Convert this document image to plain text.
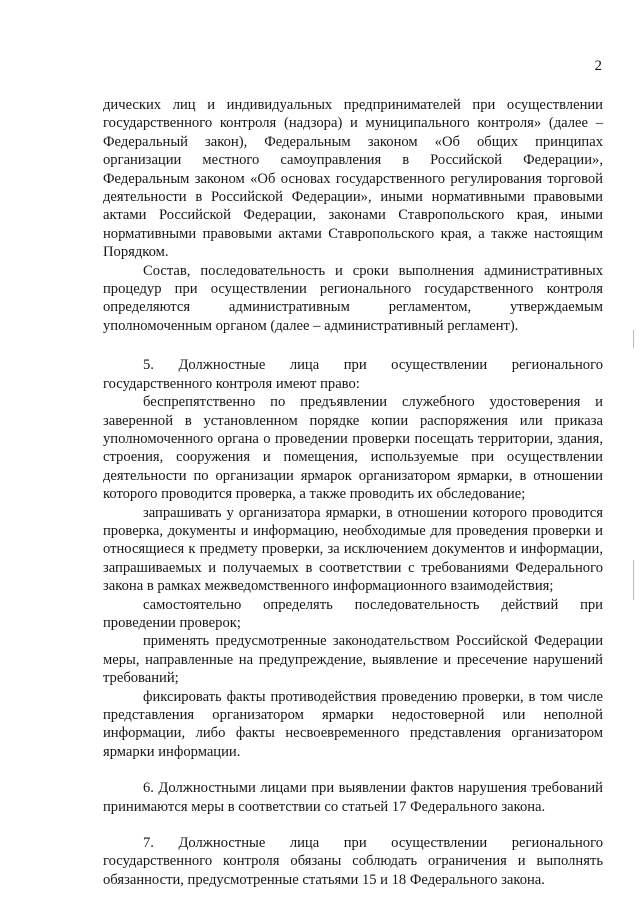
2

дических лиц и индивидуальных предпринимателей при осуществлении государственного контроля (надзора) и муниципального контроля» (далее – Федеральный закон), Федеральным законом «Об общих принципах организации местного самоуправления в Российской Федерации», Федеральным законом «Об основах государственного регулирования торговой деятельности в Российской Федерации», иными нормативными правовыми актами Российской Федерации, законами Ставропольского края, иными нормативными правовыми актами Ставропольского края, а также настоящим Порядком.

Состав, последовательность и сроки выполнения административных процедур при осуществлении регионального государственного контроля определяются административным регламентом, утверждаемым уполномоченным органом (далее – административный регламент).

5. Должностные лица при осуществлении регионального государственного контроля имеют право:

беспрепятственно по предъявлении служебного удостоверения и заверенной в установленном порядке копии распоряжения или приказа уполномоченного органа о проведении проверки посещать территории, здания, строения, сооружения и помещения, используемые при осуществлении деятельности по организации ярмарок организатором ярмарки, в отношении которого проводится проверка, а также проводить их обследование;

запрашивать у организатора ярмарки, в отношении которого проводится проверка, документы и информацию, необходимые для проведения проверки и относящиеся к предмету проверки, за исключением документов и информации, запрашиваемых и получаемых в соответствии с требованиями Федерального закона в рамках межведомственного информационного взаимодействия;

самостоятельно определять последовательность действий при проведении проверок;

применять предусмотренные законодательством Российской Федерации меры, направленные на предупреждение, выявление и пресечение нарушений требований;

фиксировать факты противодействия проведению проверки, в том числе представления организатором ярмарки недостоверной или неполной информации, либо факты несвоевременного представления организатором ярмарки информации.

6. Должностными лицами при выявлении фактов нарушения требований принимаются меры в соответствии со статьей 17 Федерального закона.

7. Должностные лица при осуществлении регионального государственного контроля обязаны соблюдать ограничения и выполнять обязанности, предусмотренные статьями 15 и 18 Федерального закона.
